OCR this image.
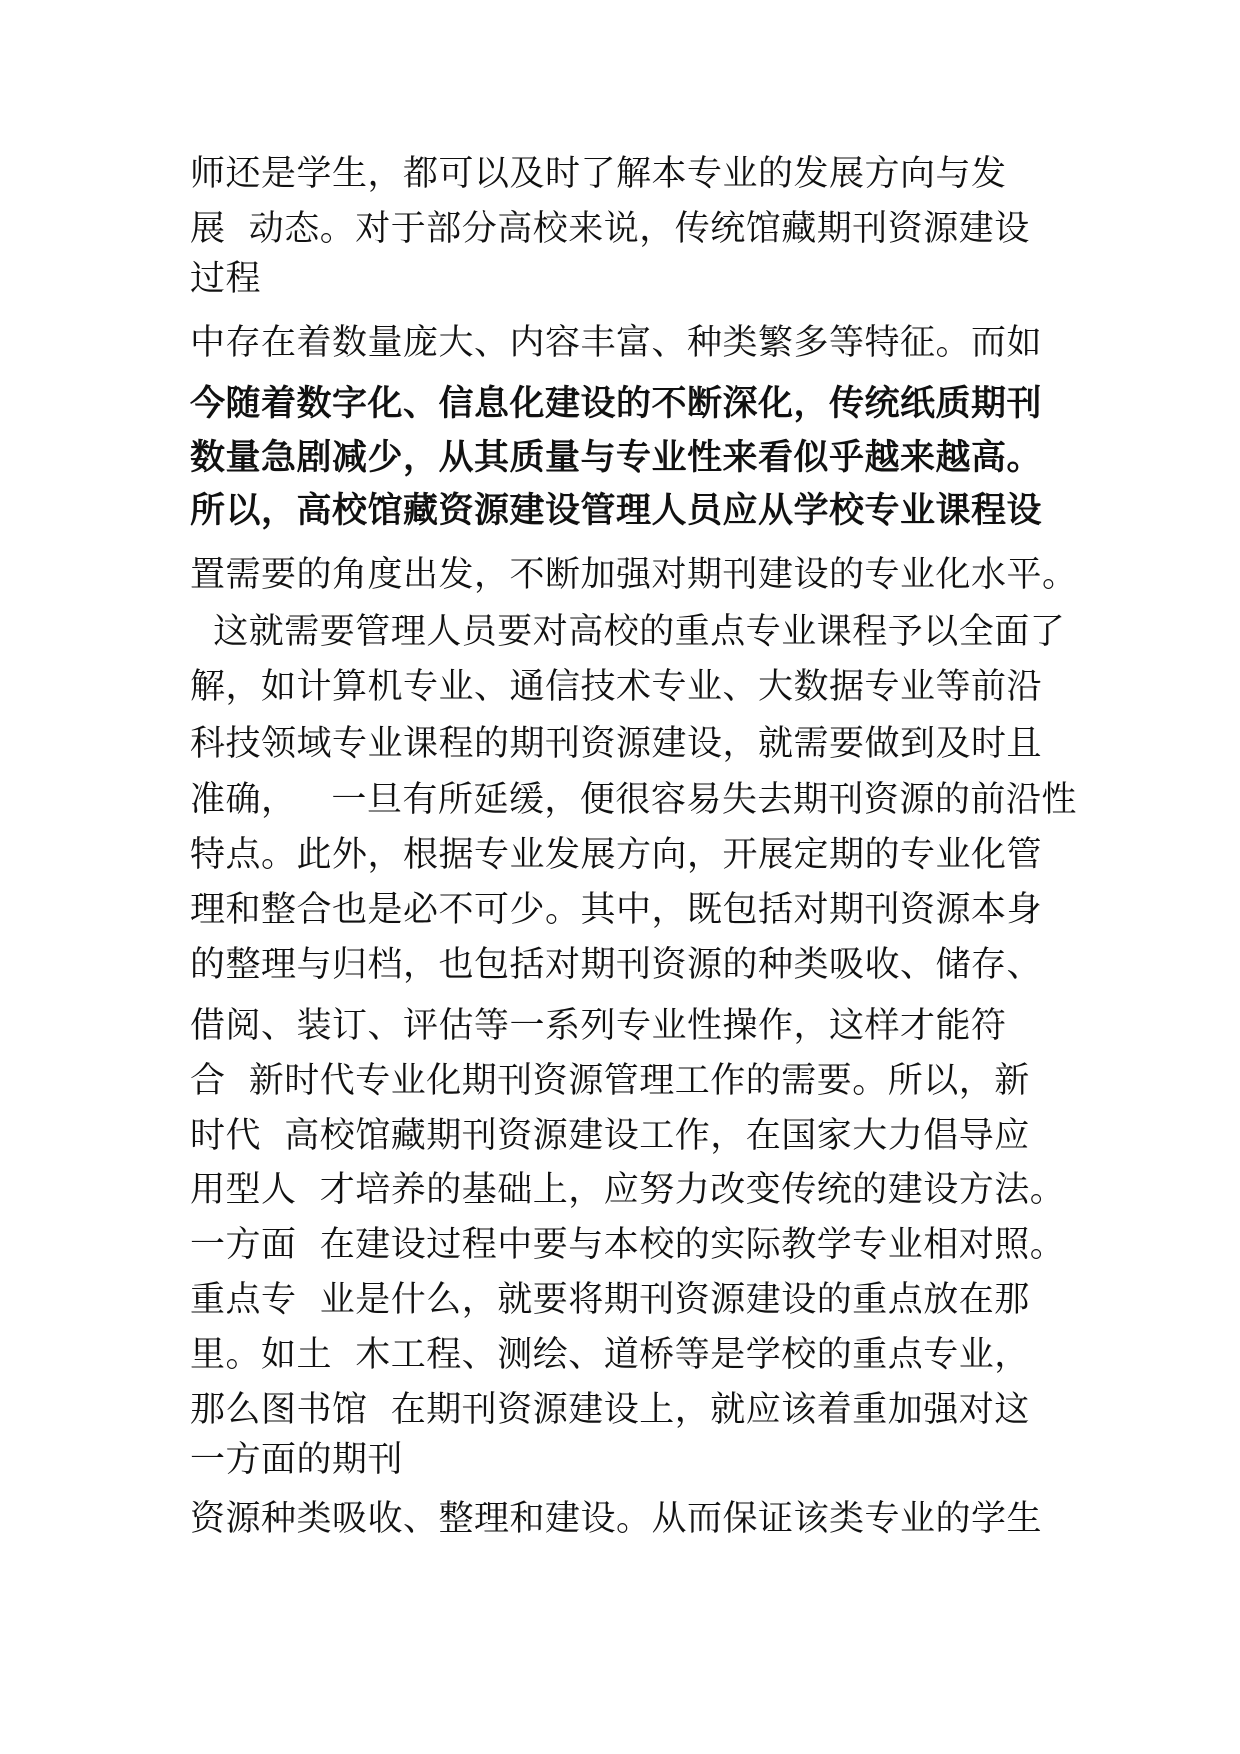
师还是学生，都可以及时了解本专业的发展方向与发
展  动态。对于部分高校来说，传统馆藏期刊资源建设
过程
中存在着数量庞大、内容丰富、种类繁多等特征。而如
今随着数字化、信息化建设的不断深化，传统纸质期刊
数量急剧减少，从其质量与专业性来看似乎越来越高。
所以，高校馆藏资源建设管理人员应从学校专业课程设
置需要的角度出发，不断加强对期刊建设的专业化水平。
这就需要管理人员要对高校的重点专业课程予以全面了
解，如计算机专业、通信技术专业、大数据专业等前沿
科技领域专业课程的期刊资源建设，就需要做到及时且
准确，   一旦有所延缓，便很容易失去期刊资源的前沿性
特点。此外，根据专业发展方向，开展定期的专业化管
理和整合也是必不可少。其中，既包括对期刊资源本身
的整理与归档，也包括对期刊资源的种类吸收、储存、
借阅、装订、评估等一系列专业性操作，这样才能符
合  新时代专业化期刊资源管理工作的需要。所以，新
时代  高校馆藏期刊资源建设工作，在国家大力倡导应
用型人  才培养的基础上，应努力改变传统的建设方法。
一方面  在建设过程中要与本校的实际教学专业相对照。
重点专  业是什么，就要将期刊资源建设的重点放在那
里。如土  木工程、测绘、道桥等是学校的重点专业，
那么图书馆  在期刊资源建设上，就应该着重加强对这
一方面的期刊
资源种类吸收、整理和建设。从而保证该类专业的学生
